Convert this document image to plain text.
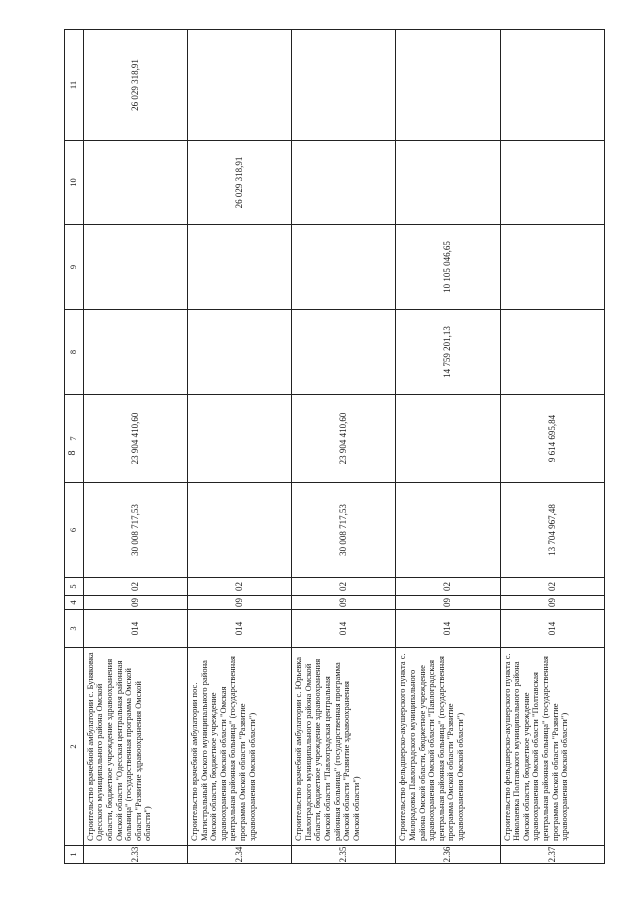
8
1	2	3	4	5	6	7	8	9	10	11
2.33	Строительство врачебной амбулатории с. Буняковка Одесского муниципального района Омской области, бюджетное учреждение здравоохранения Омской области "Одесская центральная районная больница" (государственная программа Омской области "Развитие здравоохранения Омской области")	014	09	02	30 008 717,53	23 904 410,60				26 029 318,91
2.34	Строительство врачебной амбулатории пос. Магистральный Омского муниципального района Омской области, бюджетное учреждение здравоохранения Омской области "Омская центральная районная больница" (государственная программа Омской области "Развитие здравоохранения Омской области")	014	09	02					26 029 318,91	
2.35	Строительство врачебной амбулатории с. Юрьевка Павлоградского муниципального района Омской области, бюджетное учреждение здравоохранения Омской области "Павлоградская центральная районная больница" (государственная программа Омской области "Развитие здравоохранения Омской области")	014	09	02	30 008 717,53	23 904 410,60				
2.36	Строительство фельдшерско-акушерского пункта с. Милорадовка Павлоградского муниципального района Омской области, бюджетное учреждение здравоохранения Омской области "Павлоградская центральная районная больница" (государственная программа Омской области "Развитие здравоохранения Омской области")	014	09	02			14 759 201,13	10 105 046,65		
2.37	Строительство фельдшерско-акушерского пункта с. Николаевка Полтавского муниципального района Омской области, бюджетное учреждение здравоохранения Омской области "Полтавская центральная районная больница" (государственная программа Омской области "Развитие здравоохранения Омской области")	014	09	02	13 704 967,48	9 614 695,84				
